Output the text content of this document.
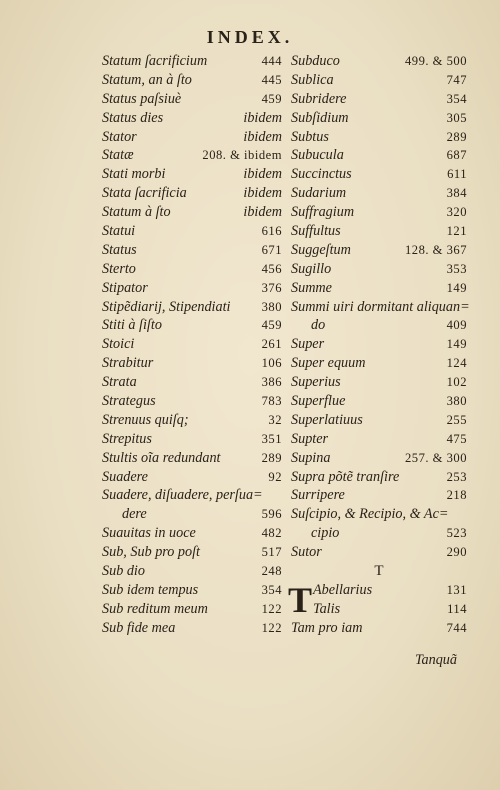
INDEX.
Statum ſacrificium	444
Statum, an à ſto	445
Status paſsiuè	459
Status dies	ibidem
Stator	ibidem
Statæ	208. & ibidem
Stati morbi	ibidem
Stata ſacrificia	ibidem
Statum à ſto	ibidem
Statui	616
Status	671
Sterto	456
Stipator	376
Stipẽdiarij, Stipendiati 380
Stiti à ſiſto	459
Stoici	261
Strabitur	106
Strata	386
Strategus	783
Strenuus quiſq;	32
Strepitus	351
Stultis oĩa redundant	289
Suadere	92
Suadere, diſuadere, perſua=
dere	596
Suauitas in uoce	482
Sub, Sub pro poſt	517
Sub dio	248
Sub idem tempus	354
Sub reditum meum	122
Sub fide mea	122
Subduco	499. & 500
Sublica	747
Subridere	354
Subſidium	305
Subtus	289
Subucula	687
Succinctus	611
Sudarium	384
Suffragium	320
Suffultus	121
Suggeſtum	128. & 367
Sugillo	353
Summe	149
Summi uiri dormitant aliquan=
do	409
Super	149
Super equum	124
Superius	102
Superflue	380
Superlatiuus	255
Supter	475
Supina	257. & 300
Supra põtẽ tranſire	253
Surripere	218
Suſcipio, & Recipio, & Ac=
cipio	523
Sutor	290
T
T Abellarius	131
Talis	114
Tam pro iam	744
Tanquã
